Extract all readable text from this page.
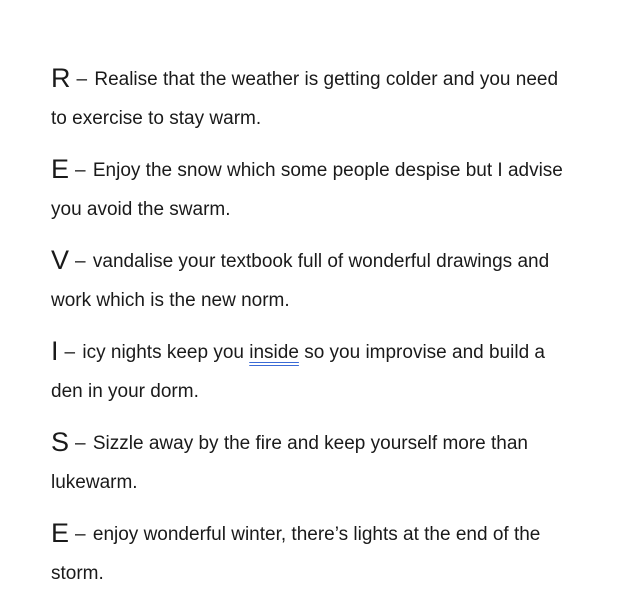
R – Realise that the weather is getting colder and you need
to exercise to stay warm.
E – Enjoy the snow which some people despise but I advise
you avoid the swarm.
V – vandalise your textbook full of wonderful drawings and
work which is the new norm.
I – icy nights keep you inside so you improvise and build a
den in your dorm.
S – Sizzle away by the fire and keep yourself more than
lukewarm.
E – enjoy wonderful winter, there’s lights at the end of the
storm.
